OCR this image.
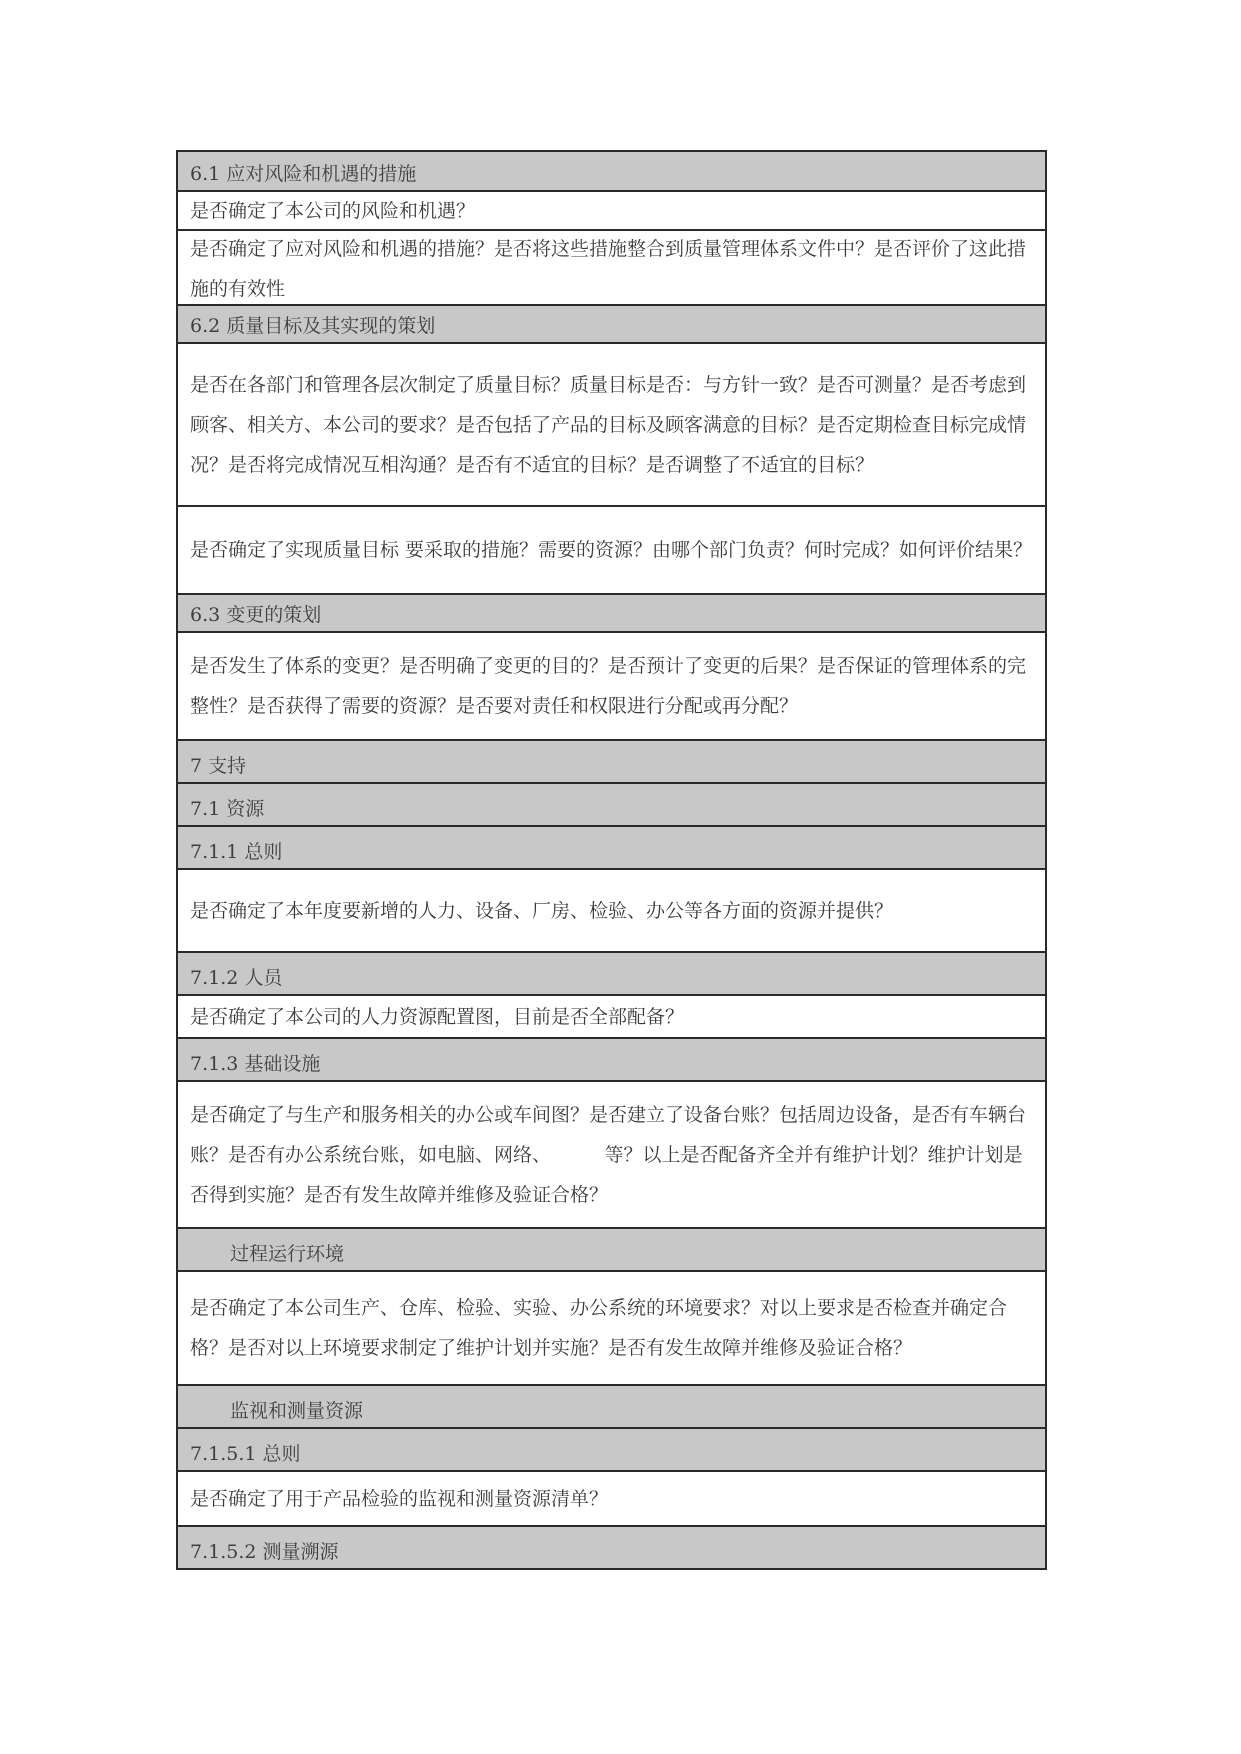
6.1 应对风险和机遇的措施
是否确定了本公司的风险和机遇？
是否确定了应对风险和机遇的措施？是否将这些措施整合到质量管理体系文件中？是否评价了这此措施的有效性
6.2 质量目标及其实现的策划
是否在各部门和管理各层次制定了质量目标？质量目标是否：与方针一致？是否可测量？是否考虑到顾客、相关方、本公司的要求？是否包括了产品的目标及顾客满意的目标？是否定期检查目标完成情况？是否将完成情况互相沟通？是否有不适宜的目标？是否调整了不适宜的目标？
是否确定了实现质量目标 要采取的措施？需要的资源？由哪个部门负责？何时完成？如何评价结果？
6.3 变更的策划
是否发生了体系的变更？是否明确了变更的目的？是否预计了变更的后果？是否保证的管理体系的完整性？是否获得了需要的资源？是否要对责任和权限进行分配或再分配？
7 支持
7.1 资源
7.1.1 总则
是否确定了本年度要新增的人力、设备、厂房、检验、办公等各方面的资源并提供？
7.1.2 人员
是否确定了本公司的人力资源配置图，目前是否全部配备？
7.1.3 基础设施
是否确定了与生产和服务相关的办公或车间图？是否建立了设备台账？包括周边设备，是否有车辆台账？是否有办公系统台账，如电脑、网络、　　　 等？以上是否配备齐全并有维护计划？维护计划是否得到实施？是否有发生故障并维修及验证合格？
过程运行环境
是否确定了本公司生产、仓库、检验、实验、办公系统的环境要求？对以上要求是否检查并确定合格？是否对以上环境要求制定了维护计划并实施？是否有发生故障并维修及验证合格？
监视和测量资源
7.1.5.1 总则
是否确定了用于产品检验的监视和测量资源清单？
7.1.5.2 测量溯源
